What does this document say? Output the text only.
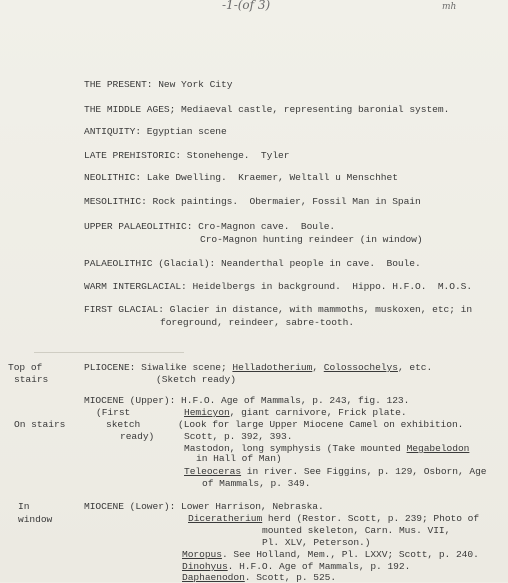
-1-(of 3)	mh
THE PRESENT: New York City
THE MIDDLE AGES; Mediaeval castle, representing baronial system.
ANTIQUITY: Egyptian scene
LATE PREHISTORIC: Stonehenge.  Tyler
NEOLITHIC: Lake Dwelling.  Kraemer, Weltall u Menschhet
MESOLITHIC: Rock paintings.  Obermaier, Fossil Man in Spain
UPPER PALAEOLITHIC: Cro-Magnon cave.  Boule.
Cro-Magnon hunting reindeer (in window)
PALAEOLITHIC (Glacial): Neanderthal people in cave.  Boule.
WARM INTERGLACIAL: Heidelbergs in background.  Hippo. H.F.O.  M.O.S.
FIRST GLACIAL: Glacier in distance, with mammoths, muskoxen, etc; in
foreground, reindeer, sabre-tooth.
Top of
stairs
PLIOCENE: Siwalike scene; Helladotherium, Colossochelys, etc.
(Sketch ready)
MIOCENE (Upper): H.F.O. Age of Mammals, p. 243, fig. 123.
(First	Hemicyon, giant carnivore, Frick plate.
On stairs	sketch	(Look for large Upper Miocene Camel on exhibition.
ready)	Scott, p. 392, 393.
Mastodon, long symphysis (Take mounted Megabelodon
in Hall of Man)
Teleoceras in river. See Figgins, p. 129, Osborn, Age
of Mammals, p. 349.
In
window
MIOCENE (Lower): Lower Harrison, Nebraska.
Diceratherium herd (Restor. Scott, p. 239; Photo of
mounted skeleton, Carn. Mus. VII,
Pl. XLV, Peterson.)
Moropus. See Holland, Mem., Pl. LXXV; Scott, p. 240.
Dinohyus. H.F.O. Age of Mammals, p. 192.
Daphaenodon. Scott, p. 525.
